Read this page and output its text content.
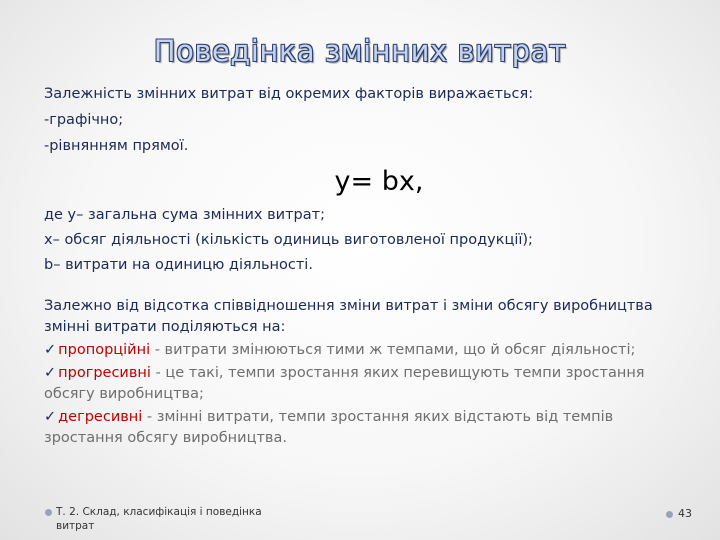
Поведінка змінних витрат

Залежність змінних витрат від окремих факторів виражається:

-графічно;

-рівнянням прямої.

у= bх,

де у– загальна сума змінних витрат;

х– обсяг діяльності (кількість одиниць виготовленої продукції);

b– витрати на одиницю діяльності.

Залежно від відсотка співвідношення зміни витрат і зміни обсягу виробництва змінні витрати поділяються на:

✓ пропорційні - витрати змінюються тими ж темпами, що й обсяг діяльності;

✓ прогресивні - це такі, темпи зростання яких перевищують темпи зростання обсягу виробництва;

✓ дегресивні - змінні витрати, темпи зростання яких відстають від темпів зростання обсягу виробництва.

Т. 2. Склад, класифікація і поведінка витрат
43
